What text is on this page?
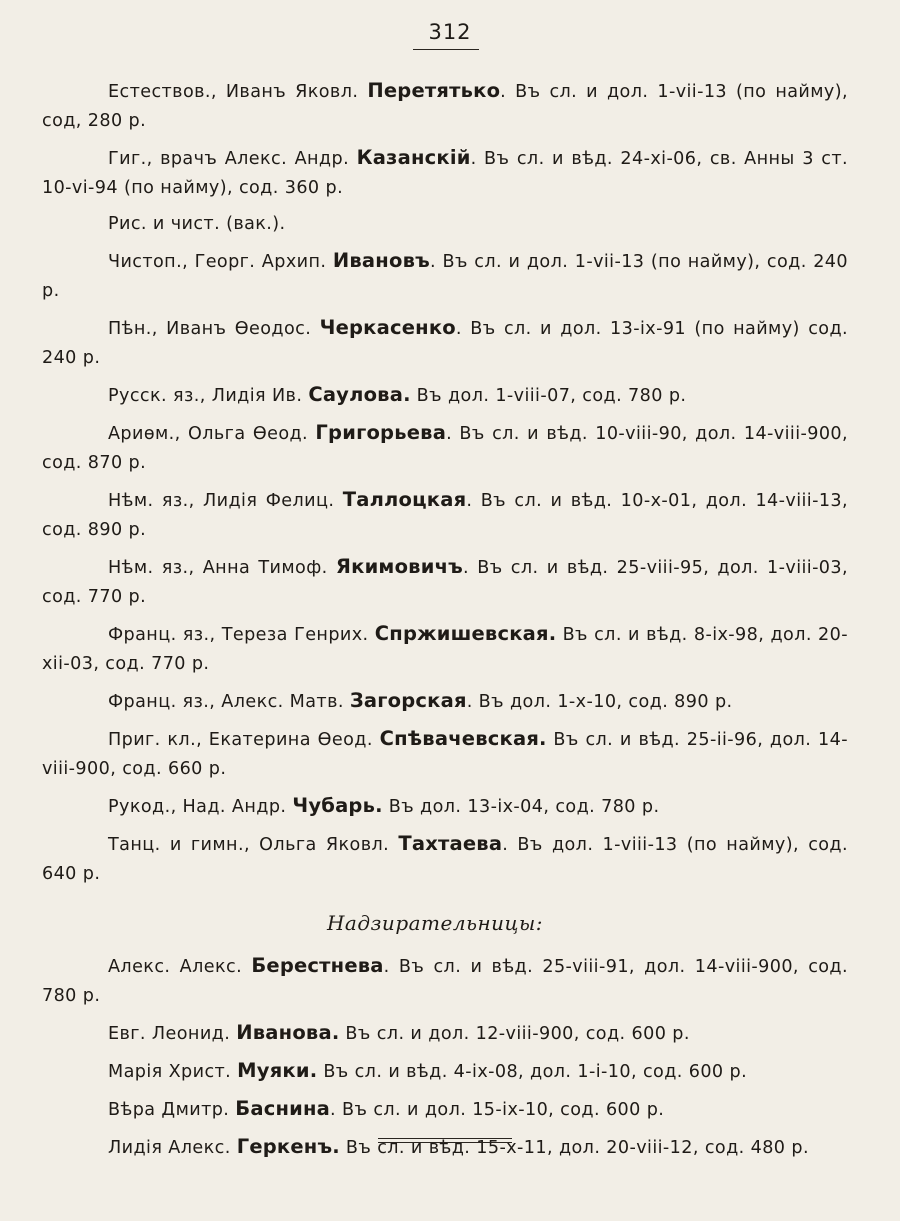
312

Естествов., Иванъ Яковл. Перетятько. Въ сл. и дол. 1-vii-13 (по найму), сод, 280 р.

Гиг., врачъ Алекс. Андр. Казанскій. Въ сл. и вѣд. 24-xi-06, св. Анны 3 ст. 10-vi-94 (по найму), сод. 360 р.

Рис. и чист. (вак.).

Чистоп., Георг. Архип. Ивановъ. Въ сл. и дол. 1-vii-13 (по найму), сод. 240 р.

Пѣн., Иванъ Ѳеодос. Черкасенко. Въ сл. и дол. 13-ix-91 (по найму) сод. 240 р.

Русск. яз., Лидія Ив. Саулова. Въ дол. 1-viii-07, сод. 780 р.

Ариѳм., Ольга Ѳеод. Григорьева. Въ сл. и вѣд. 10-viii-90, дол. 14-viii-900, сод. 870 р.

Нѣм. яз., Лидія Фелиц. Таллоцкая. Въ сл. и вѣд. 10-x-01, дол. 14-viii-13, сод. 890 р.

Нѣм. яз., Анна Тимоф. Якимовичъ. Въ сл. и вѣд. 25-viii-95, дол. 1-viii-03, сод. 770 р.

Франц. яз., Тереза Генрих. Спржишевская. Въ сл. и вѣд. 8-ix-98, дол. 20-xii-03, сод. 770 р.

Франц. яз., Алекс. Матв. Загорская. Въ дол. 1-x-10, сод. 890 р.

Приг. кл., Екатерина Ѳеод. Спѣвачевская. Въ сл. и вѣд. 25-ii-96, дол. 14-viii-900, сод. 660 р.

Рукод., Над. Андр. Чубарь. Въ дол. 13-ix-04, сод. 780 р.

Танц. и гимн., Ольга Яковл. Тахтаева. Въ дол. 1-viii-13 (по найму), сод. 640 р.

Надзирательницы:

Алекс. Алекс. Берестнева. Въ сл. и вѣд. 25-viii-91, дол. 14-viii-900, сод. 780 р.

Евг. Леонид. Иванова. Въ сл. и дол. 12-viii-900, сод. 600 р.

Марія Христ. Муяки. Въ сл. и вѣд. 4-ix-08, дол. 1-i-10, сод. 600 р.

Вѣра Дмитр. Баснина. Въ сл. и дол. 15-ix-10, сод. 600 р.

Лидія Алекс. Геркенъ. Въ сл. и вѣд. 15-x-11, дол. 20-viii-12, сод. 480 р.
